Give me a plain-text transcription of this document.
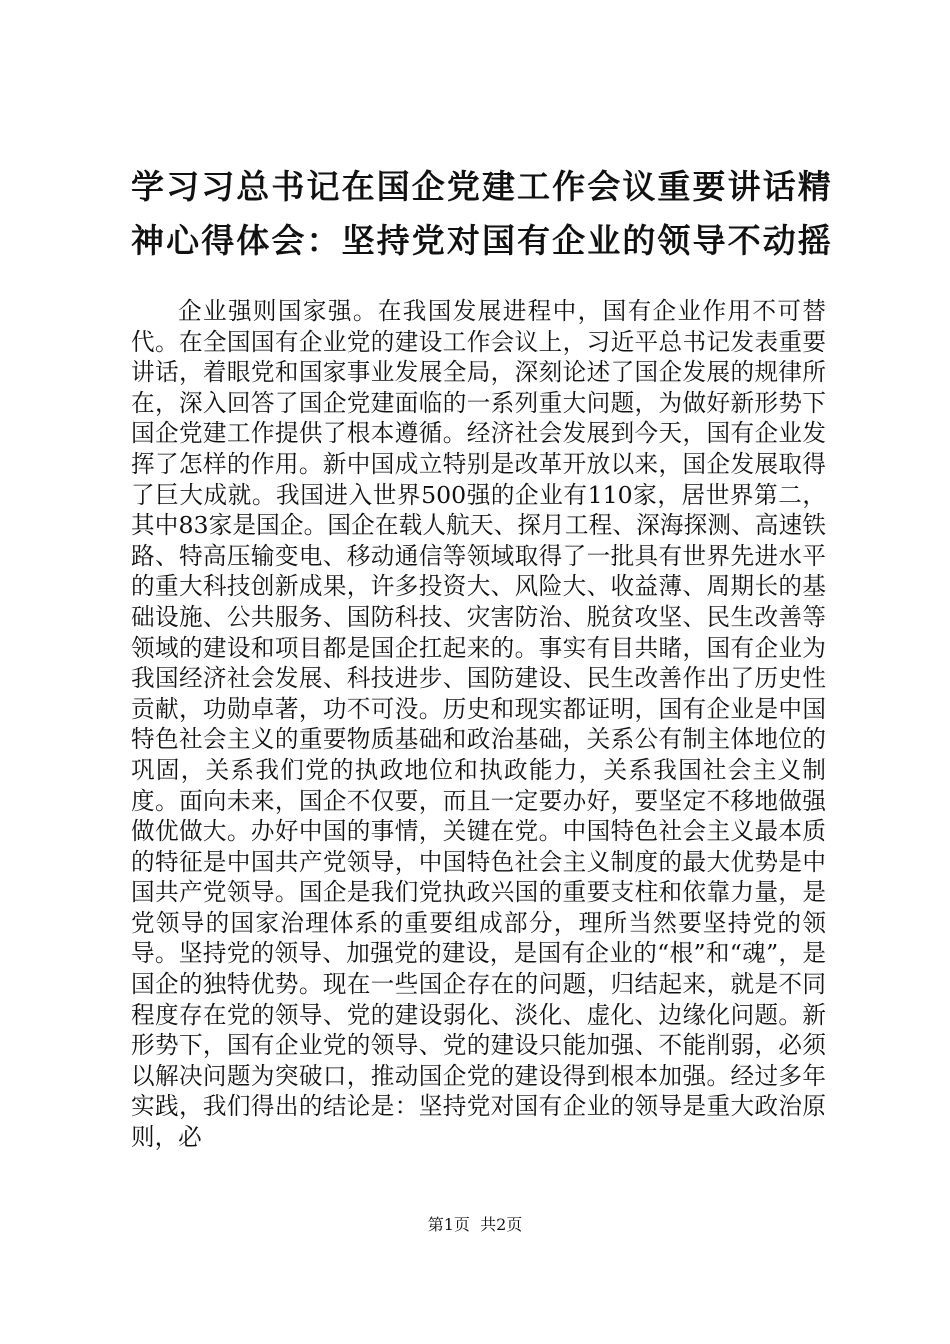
学习习总书记在国企党建工作会议重要讲话精
神心得体会：坚持党对国有企业的领导不动摇

企业强则国家强。在我国发展进程中，国有企业作用不可替代。在全国国有企业党的建设工作会议上，习近平总书记发表重要讲话，着眼党和国家事业发展全局，深刻论述了国企发展的规律所在，深入回答了国企党建面临的一系列重大问题，为做好新形势下国企党建工作提供了根本遵循。经济社会发展到今天，国有企业发挥了怎样的作用。新中国成立特别是改革开放以来，国企发展取得了巨大成就。我国进入世界500强的企业有110家，居世界第二，其中83家是国企。国企在载人航天、探月工程、深海探测、高速铁路、特高压输变电、移动通信等领域取得了一批具有世界先进水平的重大科技创新成果，许多投资大、风险大、收益薄、周期长的基础设施、公共服务、国防科技、灾害防治、脱贫攻坚、民生改善等领域的建设和项目都是国企扛起来的。事实有目共睹，国有企业为我国经济社会发展、科技进步、国防建设、民生改善作出了历史性贡献，功勋卓著，功不可没。历史和现实都证明，国有企业是中国特色社会主义的重要物质基础和政治基础，关系公有制主体地位的巩固，关系我们党的执政地位和执政能力，关系我国社会主义制度。面向未来，国企不仅要，而且一定要办好，要坚定不移地做强做优做大。办好中国的事情，关键在党。中国特色社会主义最本质的特征是中国共产党领导，中国特色社会主义制度的最大优势是中国共产党领导。国企是我们党执政兴国的重要支柱和依靠力量，是党领导的国家治理体系的重要组成部分，理所当然要坚持党的领导。坚持党的领导、加强党的建设，是国有企业的“根”和“魂”，是国企的独特优势。现在一些国企存在的问题，归结起来，就是不同程度存在党的领导、党的建设弱化、淡化、虚化、边缘化问题。新形势下，国有企业党的领导、党的建设只能加强、不能削弱，必须以解决问题为突破口，推动国企党的建设得到根本加强。经过多年实践，我们得出的结论是：坚持党对国有企业的领导是重大政治原则，必

第1页  共2页
